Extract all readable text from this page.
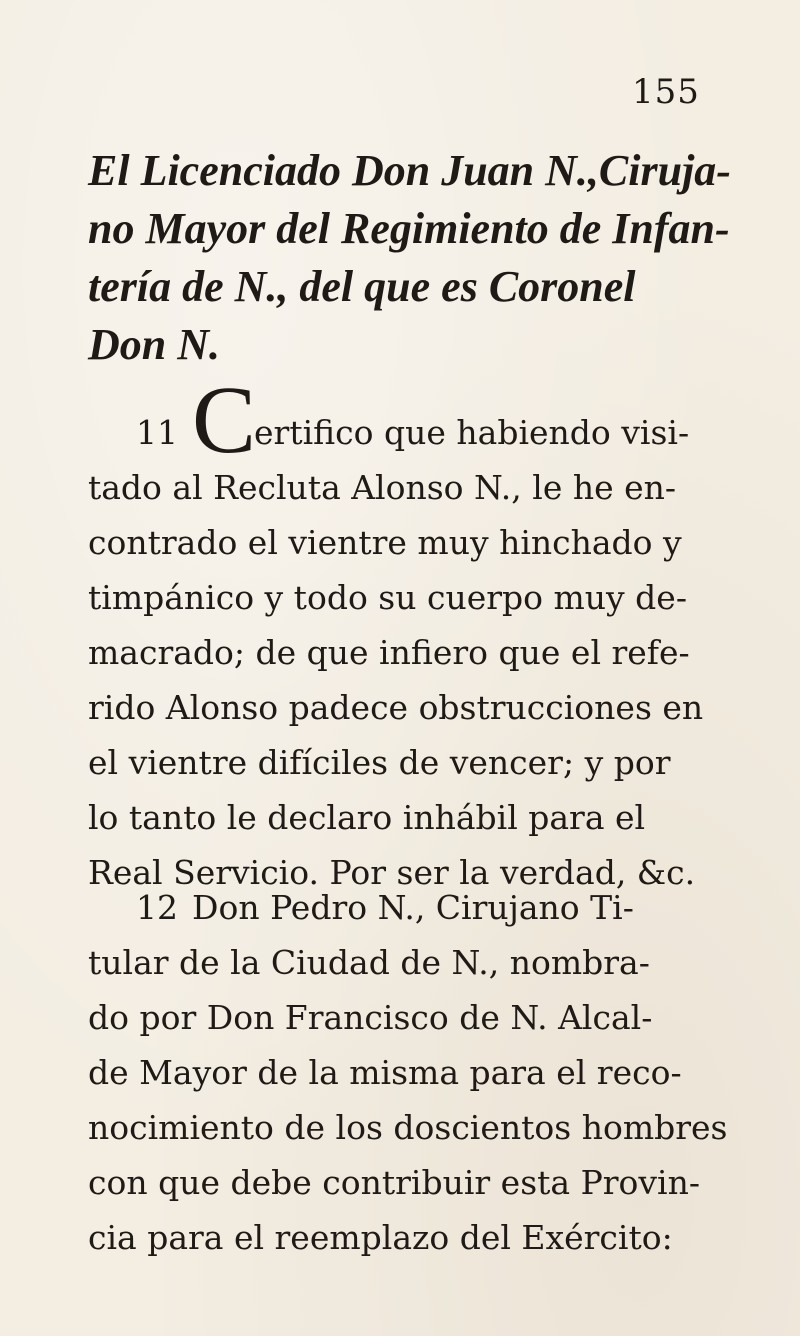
155
El Licenciado Don Juan N.,Ciruja-
no Mayor del Regimiento de Infan-
tería de N., del que es Coronel
Don N.
11 Certifico que habiendo visi-
tado al Recluta Alonso N., le he en-
contrado el vientre muy hinchado y
timpánico y todo su cuerpo muy de-
macrado; de que infiero que el refe-
rido Alonso padece obstrucciones en
el vientre difíciles de vencer; y por
lo tanto le declaro inhábil para el
Real Servicio. Por ser la verdad, &c.
12 Don Pedro N., Cirujano Ti-
tular de la Ciudad de N., nombra-
do por Don Francisco de N. Alcal-
de Mayor de la misma para el reco-
nocimiento de los doscientos hombres
con que debe contribuir esta Provin-
cia para el reemplazo del Exército:
